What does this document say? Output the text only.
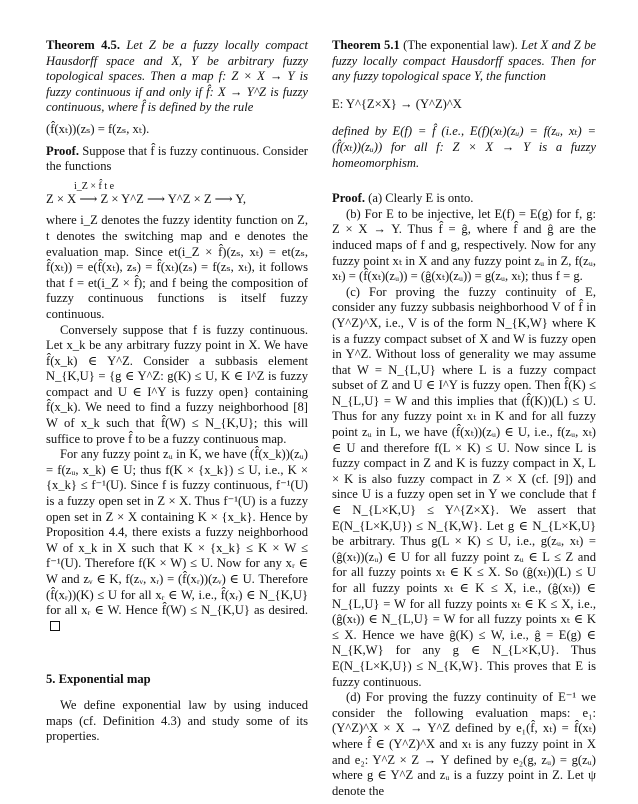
Theorem 4.5. Let Z be a fuzzy locally compact Hausdorff space and X, Y be arbitrary fuzzy topological spaces. Then a map f: Z × X → Y is fuzzy continuous if and only if f̂: X → Y^Z is fuzzy continuous, where f̂ is defined by the rule

(f̂(xₜ))(zₛ) = f(zₛ, xₜ).

Proof. Suppose that f̂ is fuzzy continuous. Consider the functions

i_Z × f̂ t e

Z × X ⟶ Z × Y^Z ⟶ Y^Z × Z ⟶ Y,

where i_Z denotes the fuzzy identity function on Z, t denotes the switching map and e denotes the evaluation map. Since et(i_Z × f̂)(zₛ, xₜ) = et(zₛ, f̂(xₜ)) = e(f̂(xₜ), zₛ) = f̂(xₜ)(zₛ) = f(zₛ, xₜ), it follows that f = et(i_Z × f̂); and f being the composition of fuzzy continuous functions is itself fuzzy continuous.

Conversely suppose that f is fuzzy continuous. Let x_k be any arbitrary fuzzy point in X. We have f̂(x_k) ∈ Y^Z. Consider a subbasis element N_{K,U} = {g ∈ Y^Z: g(K) ≤ U, K ∈ I^Z is fuzzy compact and U ∈ I^Y is fuzzy open} containing f̂(x_k). We need to find a fuzzy neighborhood [8] W of x_k such that f̂(W) ≤ N_{K,U}; this will suffice to prove f̂ to be a fuzzy continuous map.

For any fuzzy point zᵤ in K, we have (f̂(x_k))(zᵤ) = f(zᵤ, x_k) ∈ U; thus f(K × {x_k}) ≤ U, i.e., K × {x_k} ≤ f⁻¹(U). Since f is fuzzy continuous, f⁻¹(U) is a fuzzy open set in Z × X. Thus f⁻¹(U) is a fuzzy open set in Z × X containing K × {x_k}. Hence by Proposition 4.4, there exists a fuzzy neighborhood W of x_k in X such that K × {x_k} ≤ K × W ≤ f⁻¹(U). Therefore f(K × W) ≤ U. Now for any xᵣ ∈ W and zᵥ ∈ K, f(zᵥ, xᵣ) = (f̂(xᵣ))(zᵥ) ∈ U. Therefore (f̂(xᵣ))(K) ≤ U for all xᵣ ∈ W, i.e., f̂(xᵣ) ∈ N_{K,U} for all xᵣ ∈ W. Hence f̂(W) ≤ N_{K,U} as desired.

5. Exponential map

We define exponential law by using induced maps (cf. Definition 4.3) and study some of its properties.

Theorem 5.1 (The exponential law). Let X and Z be fuzzy locally compact Hausdorff spaces. Then for any fuzzy topological space Y, the function

E: Y^{Z×X} → (Y^Z)^X

defined by E(f) = f̂ (i.e., E(f)(xₜ)(zᵤ) = f(zᵤ, xₜ) = (f̂(xₜ))(zᵤ)) for all f: Z × X → Y is a fuzzy homeomorphism.

Proof. (a) Clearly E is onto.

(b) For E to be injective, let E(f) = E(g) for f, g: Z × X → Y. Thus f̂ = ĝ, where f̂ and ĝ are the induced maps of f and g, respectively. Now for any fuzzy point xₜ in X and any fuzzy point zᵤ in Z, f(zᵤ, xₜ) = (f̂(xₜ)(zᵤ)) = (ĝ(xₜ)(zᵤ)) = g(zᵤ, xₜ); thus f = g.

(c) For proving the fuzzy continuity of E, consider any fuzzy subbasis neighborhood V of f̂ in (Y^Z)^X, i.e., V is of the form N_{K,W} where K is a fuzzy compact subset of X and W is fuzzy open in Y^Z. Without loss of generality we may assume that W = N_{L,U} where L is a fuzzy compact subset of Z and U ∈ I^Y is fuzzy open. Then f̂(K) ≤ N_{L,U} = W and this implies that (f̂(K))(L) ≤ U. Thus for any fuzzy point xₜ in K and for all fuzzy point zᵤ in L, we have (f̂(xₜ))(zᵤ) ∈ U, i.e., f(zᵤ, xₜ) ∈ U and therefore f(L × K) ≤ U. Now since L is fuzzy compact in Z and K is fuzzy compact in X, L × K is also fuzzy compact in Z × X (cf. [9]) and since U is a fuzzy open set in Y we conclude that f ∈ N_{L×K,U} ≤ Y^{Z×X}. We assert that E(N_{L×K,U}) ≤ N_{K,W}. Let g ∈ N_{L×K,U} be arbitrary. Thus g(L × K) ≤ U, i.e., g(zᵤ, xₜ) = (ĝ(xₜ))(zᵤ) ∈ U for all fuzzy point zᵤ ∈ L ≤ Z and for all fuzzy points xₜ ∈ K ≤ X. So (ĝ(xₜ))(L) ≤ U for all fuzzy points xₜ ∈ K ≤ X, i.e., (ĝ(xₜ)) ∈ N_{L,U} = W for all fuzzy points xₜ ∈ K ≤ X, i.e., (ĝ(xₜ)) ∈ N_{L,U} = W for all fuzzy points xₜ ∈ K ≤ X. Hence we have ĝ(K) ≤ W, i.e., ĝ = E(g) ∈ N_{K,W} for any g ∈ N_{L×K,U}. Thus E(N_{L×K,U}) ≤ N_{K,W}. This proves that E is fuzzy continuous.

(d) For proving the fuzzy continuity of E⁻¹ we consider the following evaluation maps: e₁: (Y^Z)^X × X → Y^Z defined by e₁(f̂, xₜ) = f̂(xₜ) where f̂ ∈ (Y^Z)^X and xₜ is any fuzzy point in X and e₂: Y^Z × Z → Y defined by e₂(g, zᵤ) = g(zᵤ) where g ∈ Y^Z and zᵤ is a fuzzy point in Z. Let ψ denote the
